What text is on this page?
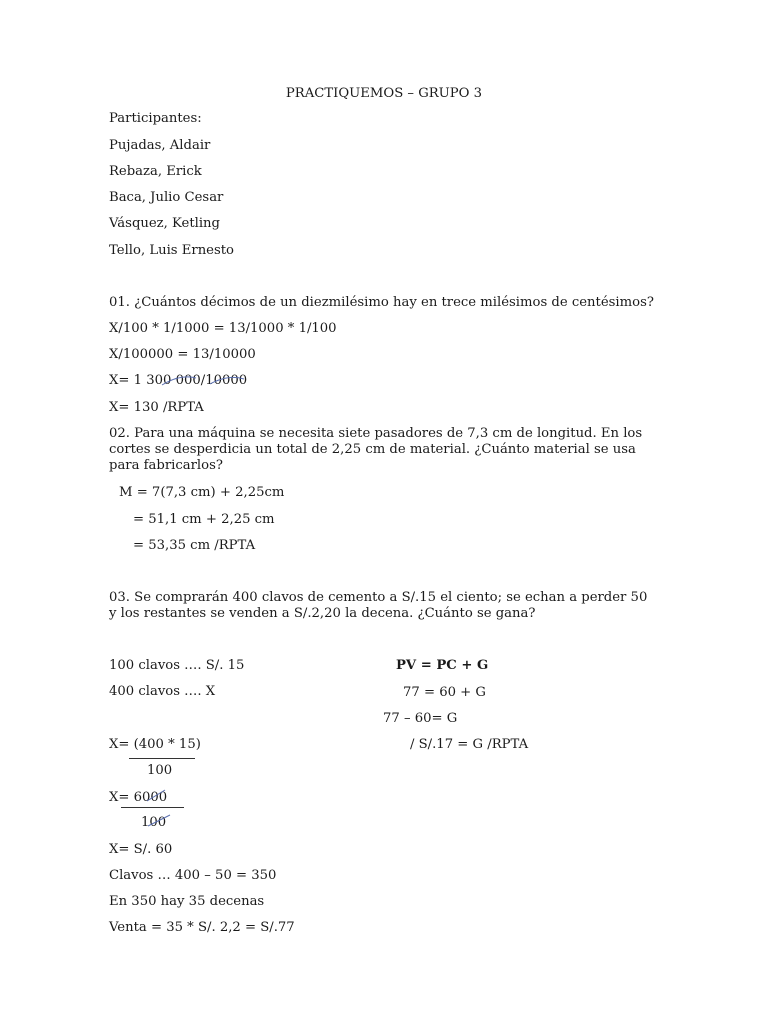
PRACTIQUEMOS – GRUPO 3
Participantes:
Pujadas, Aldair
Rebaza, Erick
Baca, Julio Cesar
Vásquez, Ketling
Tello, Luis Ernesto
01. ¿Cuántos décimos de un diezmilésimo hay en trece milésimos de centésimos?
X/100 * 1/1000 = 13/1000 * 1/100
X/100000 = 13/10000
X= 1 300 000/10000
X= 130 /RPTA
02. Para una máquina se necesita siete pasadores de 7,3 cm de longitud. En los cortes se desperdicia un total de 2,25 cm de material. ¿Cuánto material se usa para fabricarlos?
M = 7(7,3 cm) + 2,25cm
= 51,1 cm + 2,25 cm
= 53,35 cm /RPTA
03. Se comprarán 400 clavos de cemento a S/.15 el ciento; se echan a perder 50 y los restantes se venden a S/.2,20 la decena. ¿Cuánto se gana?
100 clavos …. S/. 15
400 clavos …. X
PV = PC + G
77 = 60 + G
77 – 60= G
/ S/.17 = G /RPTA
X= (400 * 15)
100
X= 6000
100
X= S/. 60
Clavos … 400 – 50 = 350
En 350 hay 35 decenas
Venta = 35 * S/. 2,2 = S/.77
